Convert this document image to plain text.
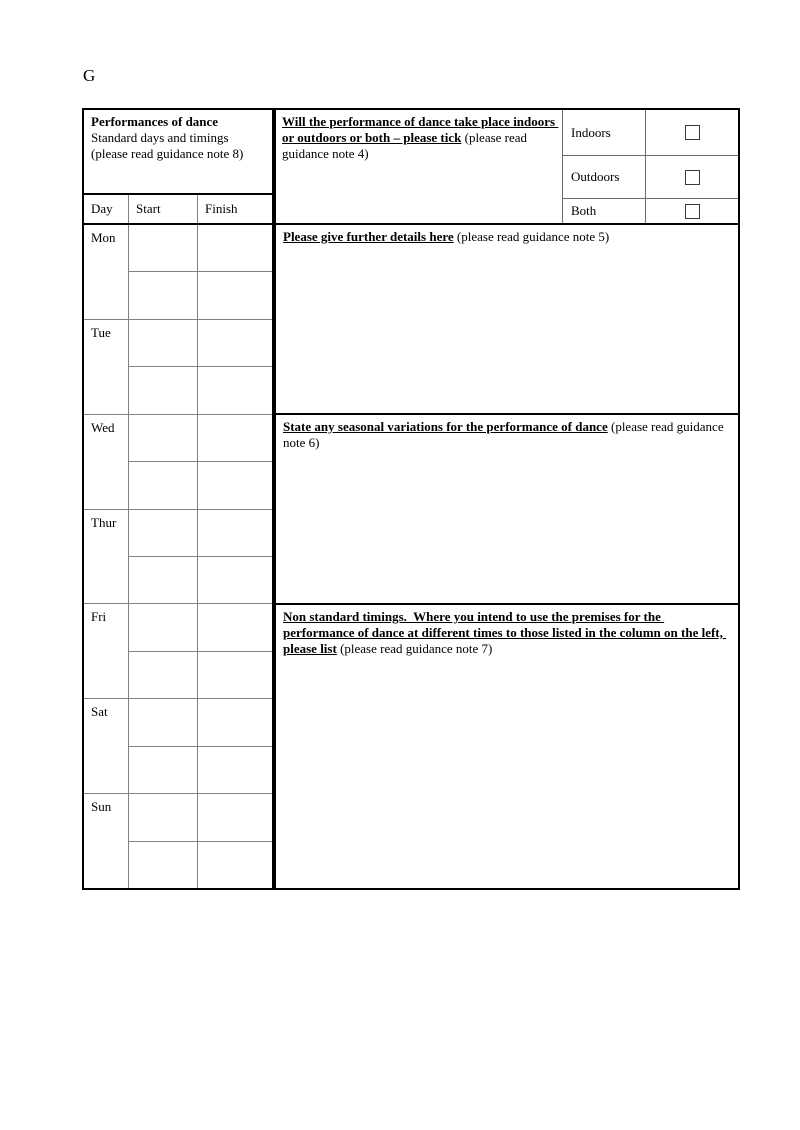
G
Performances of dance
Standard days and timings
(please read guidance note 8)
Day	Start	Finish
Mon
Tue
Wed
Thur
Fri
Sat
Sun
Will the performance of dance take place indoors or outdoors or both – please tick (please read guidance note 4)
Indoors
Outdoors
Both
Please give further details here (please read guidance note 5)
State any seasonal variations for the performance of dance (please read guidance note 6)
Non standard timings.  Where you intend to use the premises for the performance of dance at different times to those listed in the column on the left, please list (please read guidance note 7)
